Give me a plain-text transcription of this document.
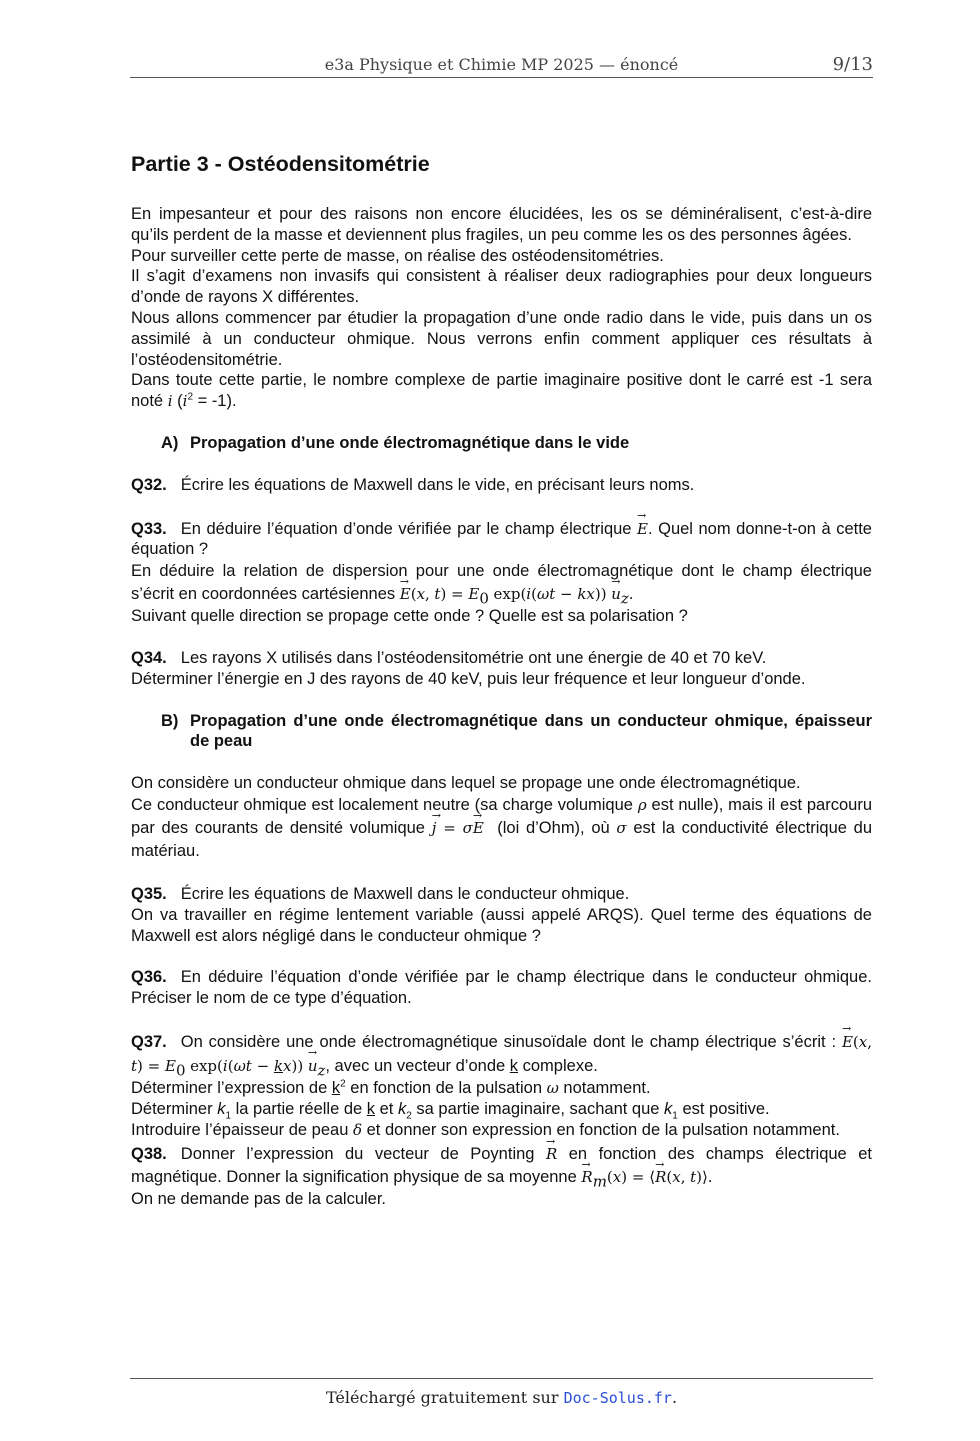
e3a Physique et Chimie MP 2025 — énoncé	9/13
Partie 3 - Ostéodensitométrie

En impesanteur et pour des raisons non encore élucidées, les os se déminéralisent, c’est-à-dire qu’ils perdent de la masse et deviennent plus fragiles, un peu comme les os des personnes âgées.

Pour surveiller cette perte de masse, on réalise des ostéodensitométries.

Il s’agit d’examens non invasifs qui consistent à réaliser deux radiographies pour deux longueurs d’onde de rayons X différentes.

Nous allons commencer par étudier la propagation d’une onde radio dans le vide, puis dans un os assimilé à un conducteur ohmique. Nous verrons enfin comment appliquer ces résultats à l’ostéodensitométrie.

Dans toute cette partie, le nombre complexe de partie imaginaire positive dont le carré est -1 sera noté i $(i^2 = -1)$.

A) Propagation d’une onde électromagnétique dans le vide

Q32. Écrire les équations de Maxwell dans le vide, en précisant leurs noms.

Q33. En déduire l’équation d’onde vérifiée par le champ électrique → E. Quel nom donne-t-on à cette équation ?

En déduire la relation de dispersion pour une onde électromagnétique dont le champ électrique s’écrit en coordonnées cartésiennes → E(x, $t) = E_0$ $\exp(i(\omega t - kx)) \to u_z$.

Suivant quelle direction se propage cette onde ? Quelle est sa polarisation ?

Q34. Les rayons X utilisés dans l’ostéodensitométrie ont une énergie de 40 et 70 keV.

Déterminer l’énergie en J des rayons de 40 keV, puis leur fréquence et leur longueur d’onde.

B) Propagation d’une onde électromagnétique dans un conducteur ohmique, épaisseur de peau

On considère un conducteur ohmique dans lequel se propage une onde électromagnétique.

Ce conducteur ohmique est localement neutre (sa charge volumique ρ est nulle), mais il est parcouru par des courants de densité volumique → j = σ→ E (loi d’Ohm), où σ est la conductivité électrique du matériau.

Q35. Écrire les équations de Maxwell dans le conducteur ohmique.

On va travailler en régime lentement variable (aussi appelé ARQS). Quel terme des équations de Maxwell est alors négligé dans le conducteur ohmique ?

Q36. En déduire l’équation d’onde vérifiée par le champ électrique dans le conducteur ohmique. Préciser le nom de ce type d’équation.

Q37. On considère une onde électromagnétique sinusoïdale dont le champ électrique s’écrit : → E(x, $t) = E_0$ $\exp(i(\omega t - kx)) \to u_z$, avec un vecteur d’onde k complexe.

Déterminer l’expression de $k^2$ en fonction de la pulsation ω notamment.

Déterminer $k_1$ la partie réelle de k et $k_2$ sa partie imaginaire, sachant que $k_1$ est positive.

Introduire l’épaisseur de peau δ et donner son expression en fonction de la pulsation notamment.

Q38. Donner l’expression du vecteur de Poynting → R en fonction des champs électrique et magnétique. Donner la signification physique de sa moyenne → $R_m(x)$ = ⟨→ R(x, t)⟩.

On ne demande pas de la calculer.

Téléchargé gratuitement sur Doc-Solus.fr.
